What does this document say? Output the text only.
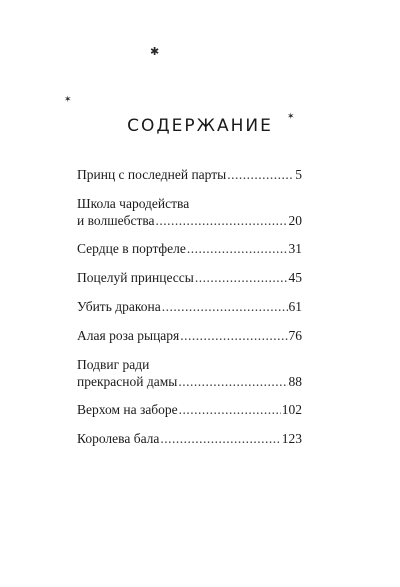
✱
✶
✶
СОДЕРЖАНИЕ
Принц с последней парты .....	5
Школа чародейства
и волшебства .....	20
Сердце в портфеле .....	31
Поцелуй принцессы .....	45
Убить дракона .....	61
Алая роза рыцаря .....	76
Подвиг ради
прекрасной дамы .....	88
Верхом на заборе .....	102
Королева бала .....	123
